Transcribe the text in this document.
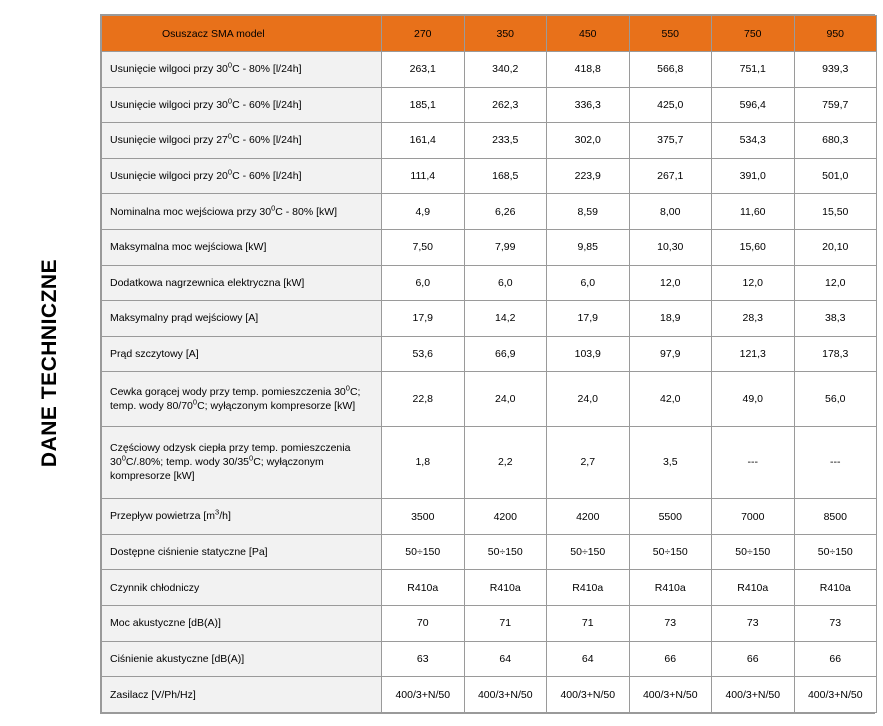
DANE TECHNICZNE
Osuszacz SMA model	270	350	450	550	750	950
Usunięcie wilgoci przy $30^0C - 80\%$ [l/24h]	263,1	340,2	418,8	566,8	751,1	939,3
Usunięcie wilgoci przy $30^0C - 60\%$ [l/24h]	185,1	262,3	336,3	425,0	596,4	759,7
Usunięcie wilgoci przy $27^0C - 60\%$ [l/24h]	161,4	233,5	302,0	375,7	534,3	680,3
Usunięcie wilgoci przy $20^0C - 60\%$ [l/24h]	111,4	168,5	223,9	267,1	391,0	501,0
Nominalna moc wejściowa przy $30^0C - 80\%$ [kW]	4,9	6,26	8,59	8,00	11,60	15,50
Maksymalna moc wejściowa [kW]	7,50	7,99	9,85	10,30	15,60	20,10
Dodatkowa nagrzewnica elektryczna [kW]	6,0	6,0	6,0	12,0	12,0	12,0
Maksymalny prąd wejściowy [A]	17,9	14,2	17,9	18,9	28,3	38,3
Prąd szczytowy [A]	53,6	66,9	103,9	97,9	121,3	178,3
Cewka gorącej wody przy temp. pomieszczenia $30^0C$;
temp. wody $80/70^0C$; wyłączonym kompresorze [kW]	22,8	24,0	24,0	42,0	49,0	56,0
Częściowy odzysk ciepła przy temp. pomieszczenia
$30^0C/.80\%$; temp. wody $30/35^0C$; wyłączonym
kompresorze [kW]	1,8	2,2	2,7	3,5	---	---
Przepływ powietrza $[m^3/h]$	3500	4200	4200	5500	7000	8500
Dostępne ciśnienie statyczne [Pa]	50÷150	50÷150	50÷150	50÷150	50÷150	50÷150
Czynnik chłodniczy	R410a	R410a	R410a	R410a	R410a	R410a
Moc akustyczne [dB(A)]	70	71	71	73	73	73
Ciśnienie akustyczne [dB(A)]	63	64	64	66	66	66
Zasilacz [V/Ph/Hz]	400/3+N/50	400/3+N/50	400/3+N/50	400/3+N/50	400/3+N/50	400/3+N/50
